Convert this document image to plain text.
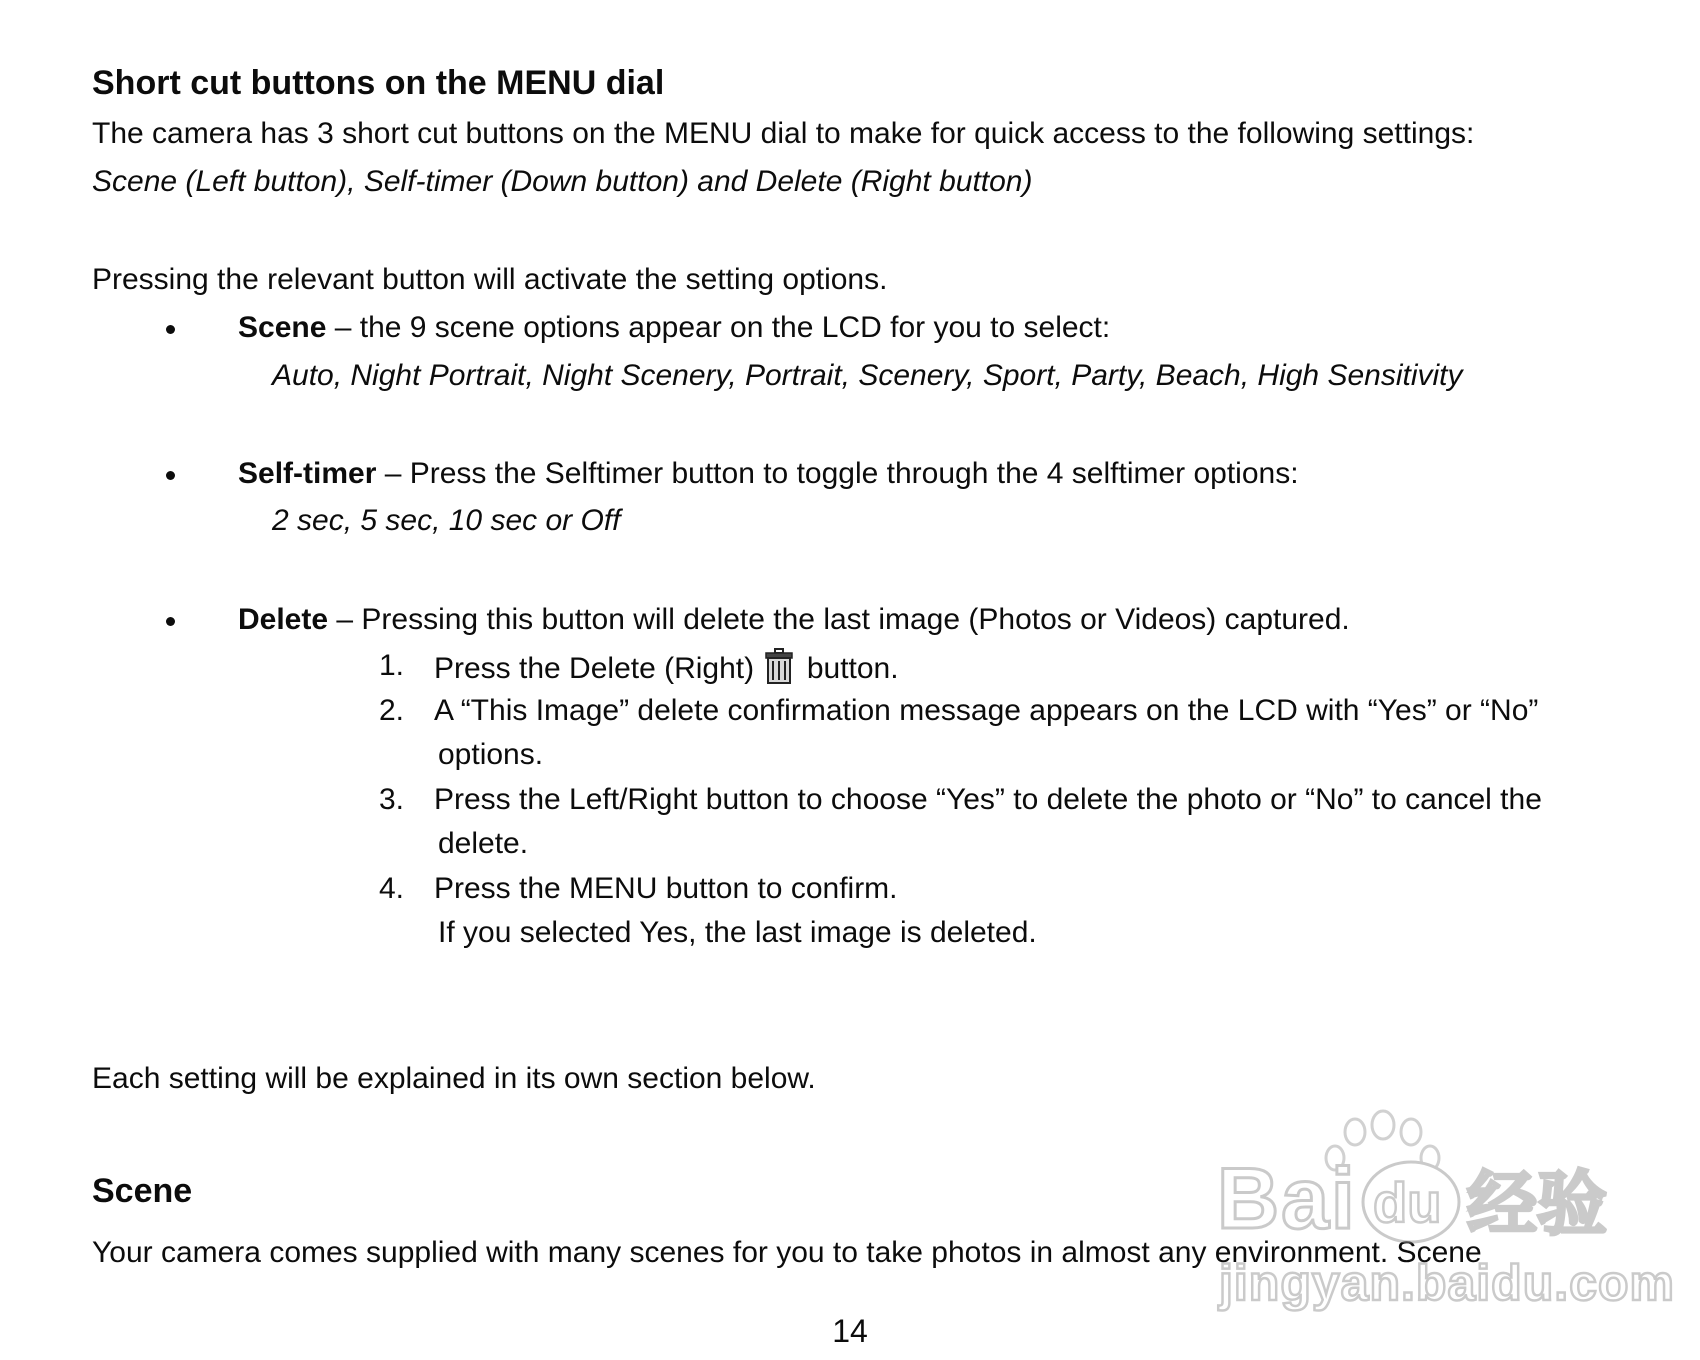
Short cut buttons on the MENU dial
The camera has 3 short cut buttons on the MENU dial to make for quick access to the following settings:
Scene (Left button), Self-timer (Down button) and Delete (Right button)
Pressing the relevant button will activate the setting options.
Scene – the 9 scene options appear on the LCD for you to select:
Auto, Night Portrait, Night Scenery, Portrait, Scenery, Sport, Party, Beach, High Sensitivity
Self-timer – Press the Selftimer button to toggle through the 4 selftimer options:
2 sec, 5 sec, 10 sec or Off
Delete – Pressing this button will delete the last image (Photos or Videos) captured.
1. Press the Delete (Right) button.
2. A “This Image” delete confirmation message appears on the LCD with “Yes” or “No”
options.
3. Press the Left/Right button to choose “Yes” to delete the photo or “No” to cancel the
delete.
4. Press the MENU button to confirm.
If you selected Yes, the last image is deleted.
Each setting will be explained in its own section below.
Scene
Your camera comes supplied with many scenes for you to take photos in almost any environment. Scene
14
Bai du 经验
jingyan.baidu.com
